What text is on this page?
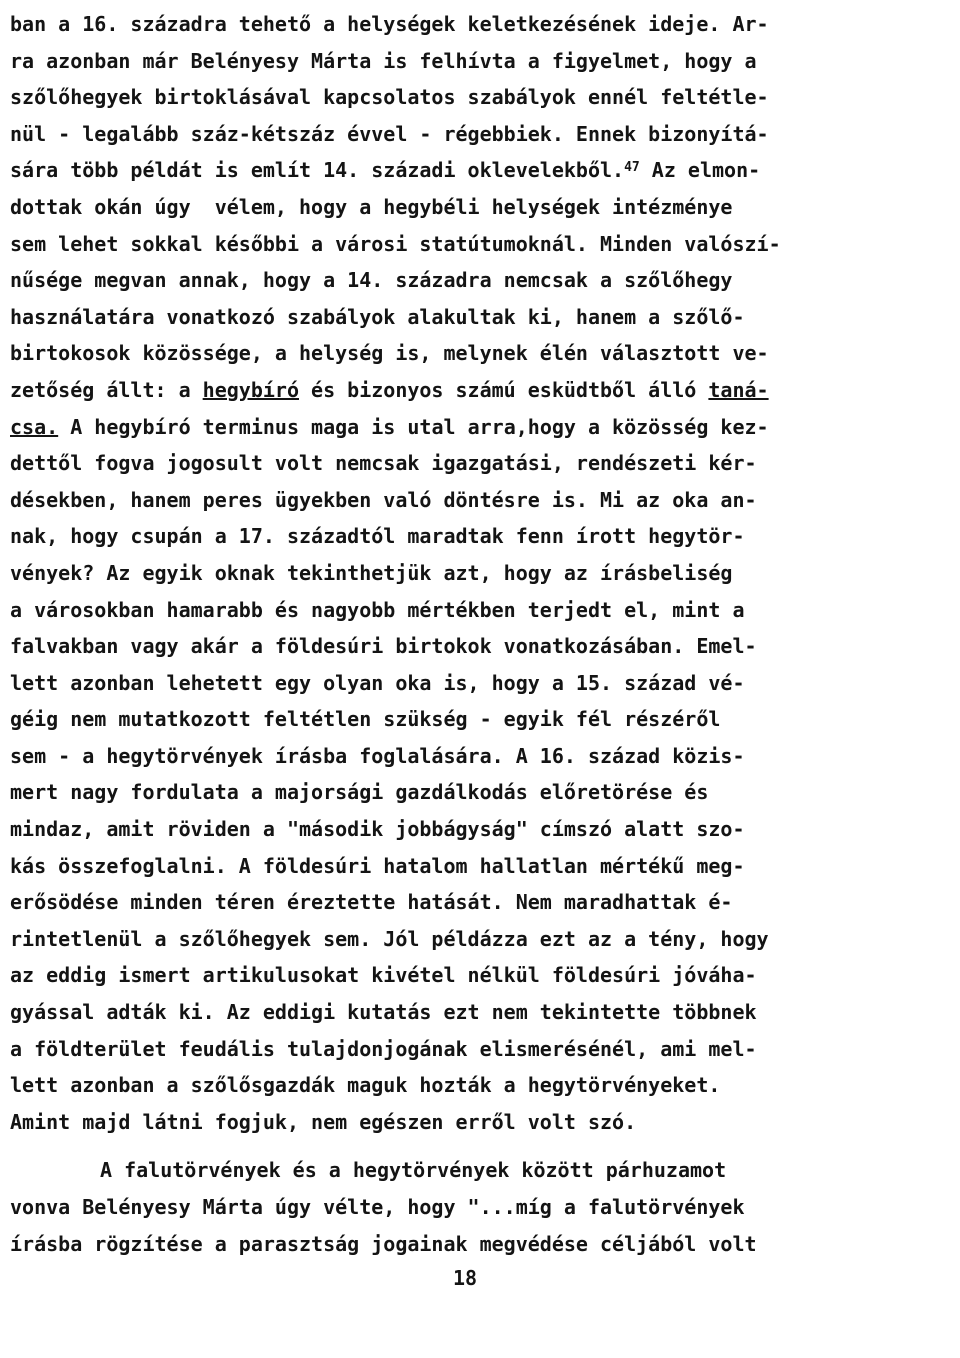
ban a 16. századra tehető a helységek keletkezésének ideje. Ar-
ra azonban már Belényesy Márta is felhívta a figyelmet, hogy a
szőlőhegyek birtoklásával kapcsolatos szabályok ennél feltétle-
nül - legalább száz-kétszáz évvel - régebbiek. Ennek bizonyítá-
sára több példát is említ 14. századi oklevelekből.$^{47}$ Az elmon-
dottak okán úgy  vélem, hogy a hegybéli helységek intézménye
sem lehet sokkal későbbi a városi statútumoknál. Minden valószí-
nűsége megvan annak, hogy a 14. századra nemcsak a szőlőhegy
használatára vonatkozó szabályok alakultak ki, hanem a szőlő-
birtokosok közössége, a helység is, melynek élén választott ve-
zetőség állt: a hegybíró és bizonyos számú esküdtből álló taná-
csa. A hegybíró terminus maga is utal arra,hogy a közösség kez-
dettől fogva jogosult volt nemcsak igazgatási, rendészeti kér-
désekben, hanem peres ügyekben való döntésre is. Mi az oka an-
nak, hogy csupán a 17. századtól maradtak fenn írott hegytör-
vények? Az egyik oknak tekinthetjük azt, hogy az írásbeliség
a városokban hamarabb és nagyobb mértékben terjedt el, mint a
falvakban vagy akár a földesúri birtokok vonatkozásában. Emel-
lett azonban lehetett egy olyan oka is, hogy a 15. század vé-
géig nem mutatkozott feltétlen szükség - egyik fél részéről
sem - a hegytörvények írásba foglalására. A 16. század közis-
mert nagy fordulata a majorsági gazdálkodás előretörése és
mindaz, amit röviden a "második jobbágyság" címszó alatt szo-
kás összefoglalni. A földesúri hatalom hallatlan mértékű meg-
erősödése minden téren éreztette hatását. Nem maradhattak é-
rintetlenül a szőlőhegyek sem. Jól példázza ezt az a tény, hogy
az eddig ismert artikulusokat kivétel nélkül földesúri jóváha-
gyással adták ki. Az eddigi kutatás ezt nem tekintette többnek
a földterület feudális tulajdonjogának elismerésénél, ami mel-
lett azonban a szőlősgazdák maguk hozták a hegytörvényeket.
Amint majd látni fogjuk, nem egészen erről volt szó.
A falutörvények és a hegytörvények között párhuzamot
vonva Belényesy Márta úgy vélte, hogy "...míg a falutörvények
írásba rögzítése a parasztság jogainak megvédése céljából volt
18
